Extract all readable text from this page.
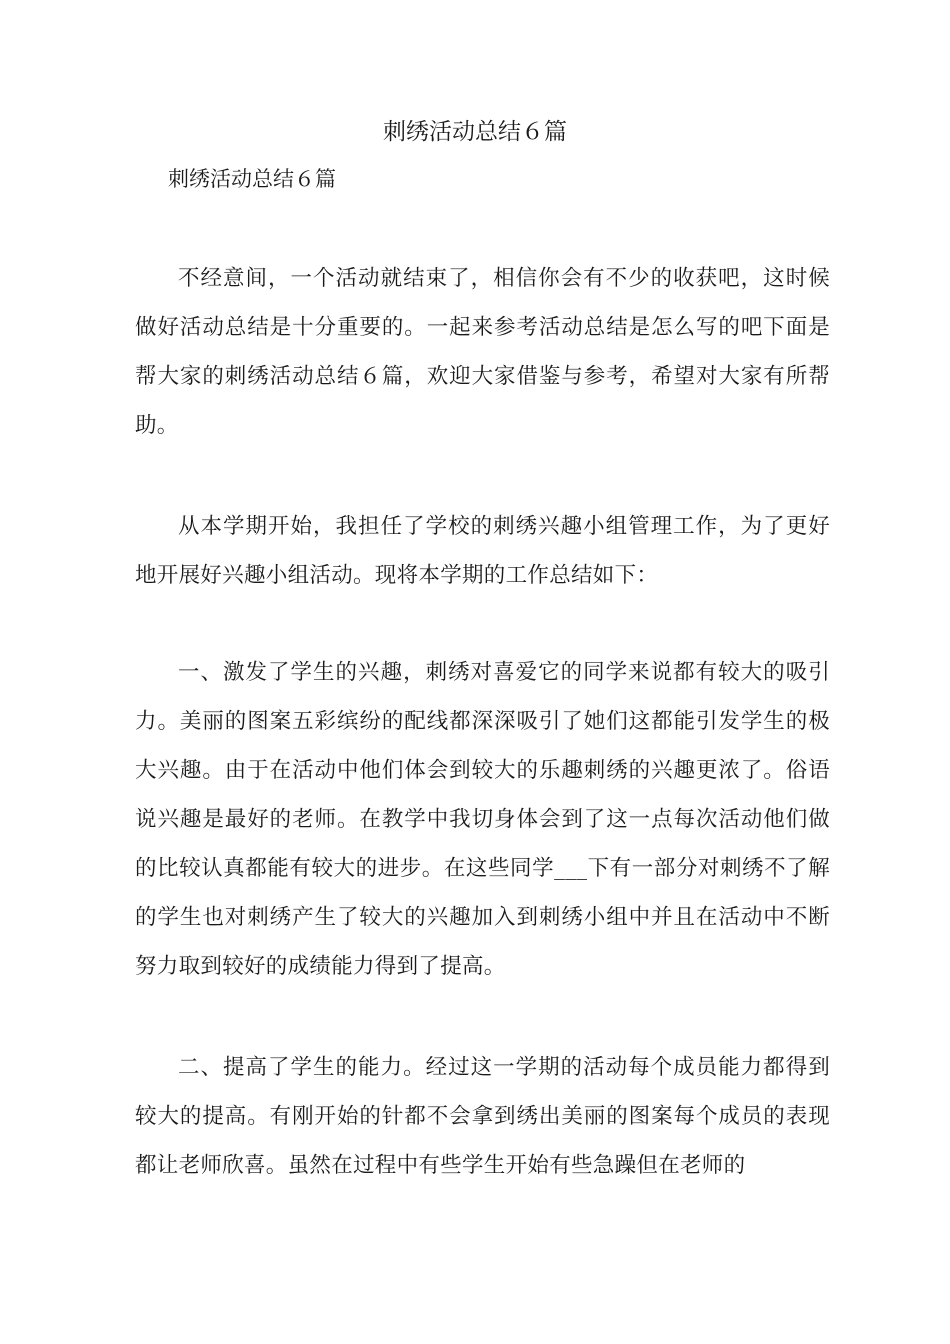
刺绣活动总结６篇

刺绣活动总结６篇

不经意间，一个活动就结束了，相信你会有不少的收获吧，这时候做好活动总结是十分重要的。一起来参考活动总结是怎么写的吧下面是帮大家的刺绣活动总结６篇，欢迎大家借鉴与参考，希望对大家有所帮助。

从本学期开始，我担任了学校的刺绣兴趣小组管理工作，为了更好地开展好兴趣小组活动。现将本学期的工作总结如下：

一、激发了学生的兴趣，刺绣对喜爱它的同学来说都有较大的吸引力。美丽的图案五彩缤纷的配线都深深吸引了她们这都能引发学生的极大兴趣。由于在活动中他们体会到较大的乐趣刺绣的兴趣更浓了。俗语说兴趣是最好的老师。在教学中我切身体会到了这一点每次活动他们做的比较认真都能有较大的进步。在这些同学___下有一部分对刺绣不了解的学生也对刺绣产生了较大的兴趣加入到刺绣小组中并且在活动中不断努力取到较好的成绩能力得到了提高。

二、提高了学生的能力。经过这一学期的活动每个成员能力都得到较大的提高。有刚开始的针都不会拿到绣出美丽的图案每个成员的表现都让老师欣喜。虽然在过程中有些学生开始有些急躁但在老师的
